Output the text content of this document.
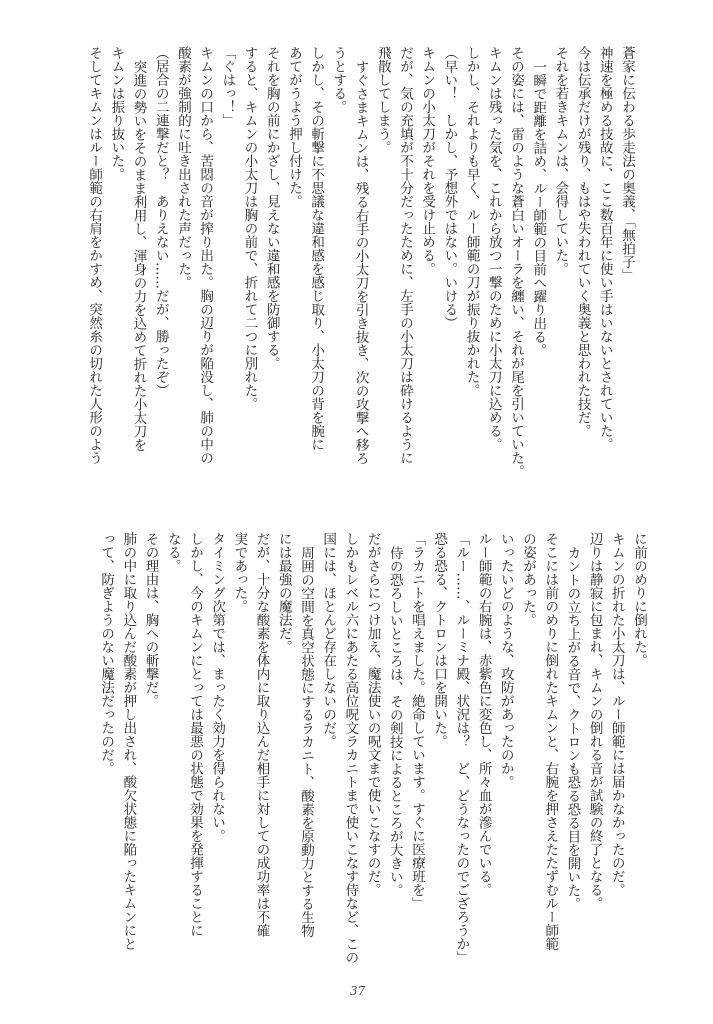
蒼家に伝わる歩走法の奥義、「無拍子」
神速を極める技故に、ここ数百年に使い手はいないとされていた。
今は伝承だけが残り、もはや失われていく奥義と思われた技だ。
それを若きキムンは、会得していた。
一瞬で距離を詰め、ルー師範の目前へ躍り出る。
その姿には、雷のような蒼白いオーラを纏い、それが尾を引いていた。
キムンは残った気を、これから放つ一撃のために小太刀に込める。
しかし、それよりも早く、ルー師範の刀が振り抜かれた。
（早い！　しかし、予想外ではない。いける）
キムンの小太刀がそれを受け止める。
だが、気の充填が不十分だったために、左手の小太刀は砕けるように
飛散してしまう。
すぐさまキムンは、残る右手の小太刀を引き抜き、次の攻撃へ移ろ
うとする。
しかし、その斬撃に不思議な違和感を感じ取り、小太刀の背を腕に
あてがうよう押し付けた。
それを胸の前にかざし、見えない違和感を防御する。
すると、キムンの小太刀は胸の前で、折れて二つに別れた。
「ぐはっ！」
キムンの口から、苦悶の音が搾り出た。胸の辺りが陥没し、肺の中の
酸素が強制的に吐き出された声だった。
（居合の二連撃だと？　ありえない……だが、勝ったぞ）
突進の勢いをそのまま利用し、渾身の力を込めて折れた小太刀を
キムンは振り抜いた。
そしてキムンはルー師範の右肩をかすめ、突然糸の切れた人形のよう
に前のめりに倒れた。
キムンの折れた小太刀は、ルー師範には届かなかったのだ。
辺りは静寂に包まれ、キムンの倒れる音が試験の終了となる。
カントの立ち上がる音で、クトロンも恐る恐る目を開いた。
そこには前のめりに倒れたキムンと、右腕を押さえたたずむルー師範
の姿があった。
いったいどのような、攻防があったのか。
ルー師範の右腕は、赤紫色に変色し、所々血が滲んでいる。
「ルー……、ルーミナ殿、状況は？　ど、どうなったのでござろうか」
恐る恐る、クトロンは口を開いた。
「ラカニトを唱えました。絶命しています。すぐに医療班を」
侍の恐ろしいところは、その剣技によるところが大きい。
だがさらにつけ加え、魔法使いの呪文まで使いこなすのだ。
しかもレベル六にあたる高位呪文ラカニトまで使いこなす侍など、この
国には、ほとんど存在しないのだ。
周囲の空間を真空状態にするラカニト、酸素を原動力とする生物
には最強の魔法だ。
だが、十分な酸素を体内に取り込んだ相手に対しての成功率は不確
実であった。
タイミング次第では、まったく効力を得られない。
しかし、今のキムンにとっては最悪の状態で効果を発揮することに
なる。
その理由は、胸への斬撃だ。
肺の中に取り込んだ酸素が押し出され、酸欠状態に陥ったキムンにと
って、防ぎようのない魔法だったのだ。
37
